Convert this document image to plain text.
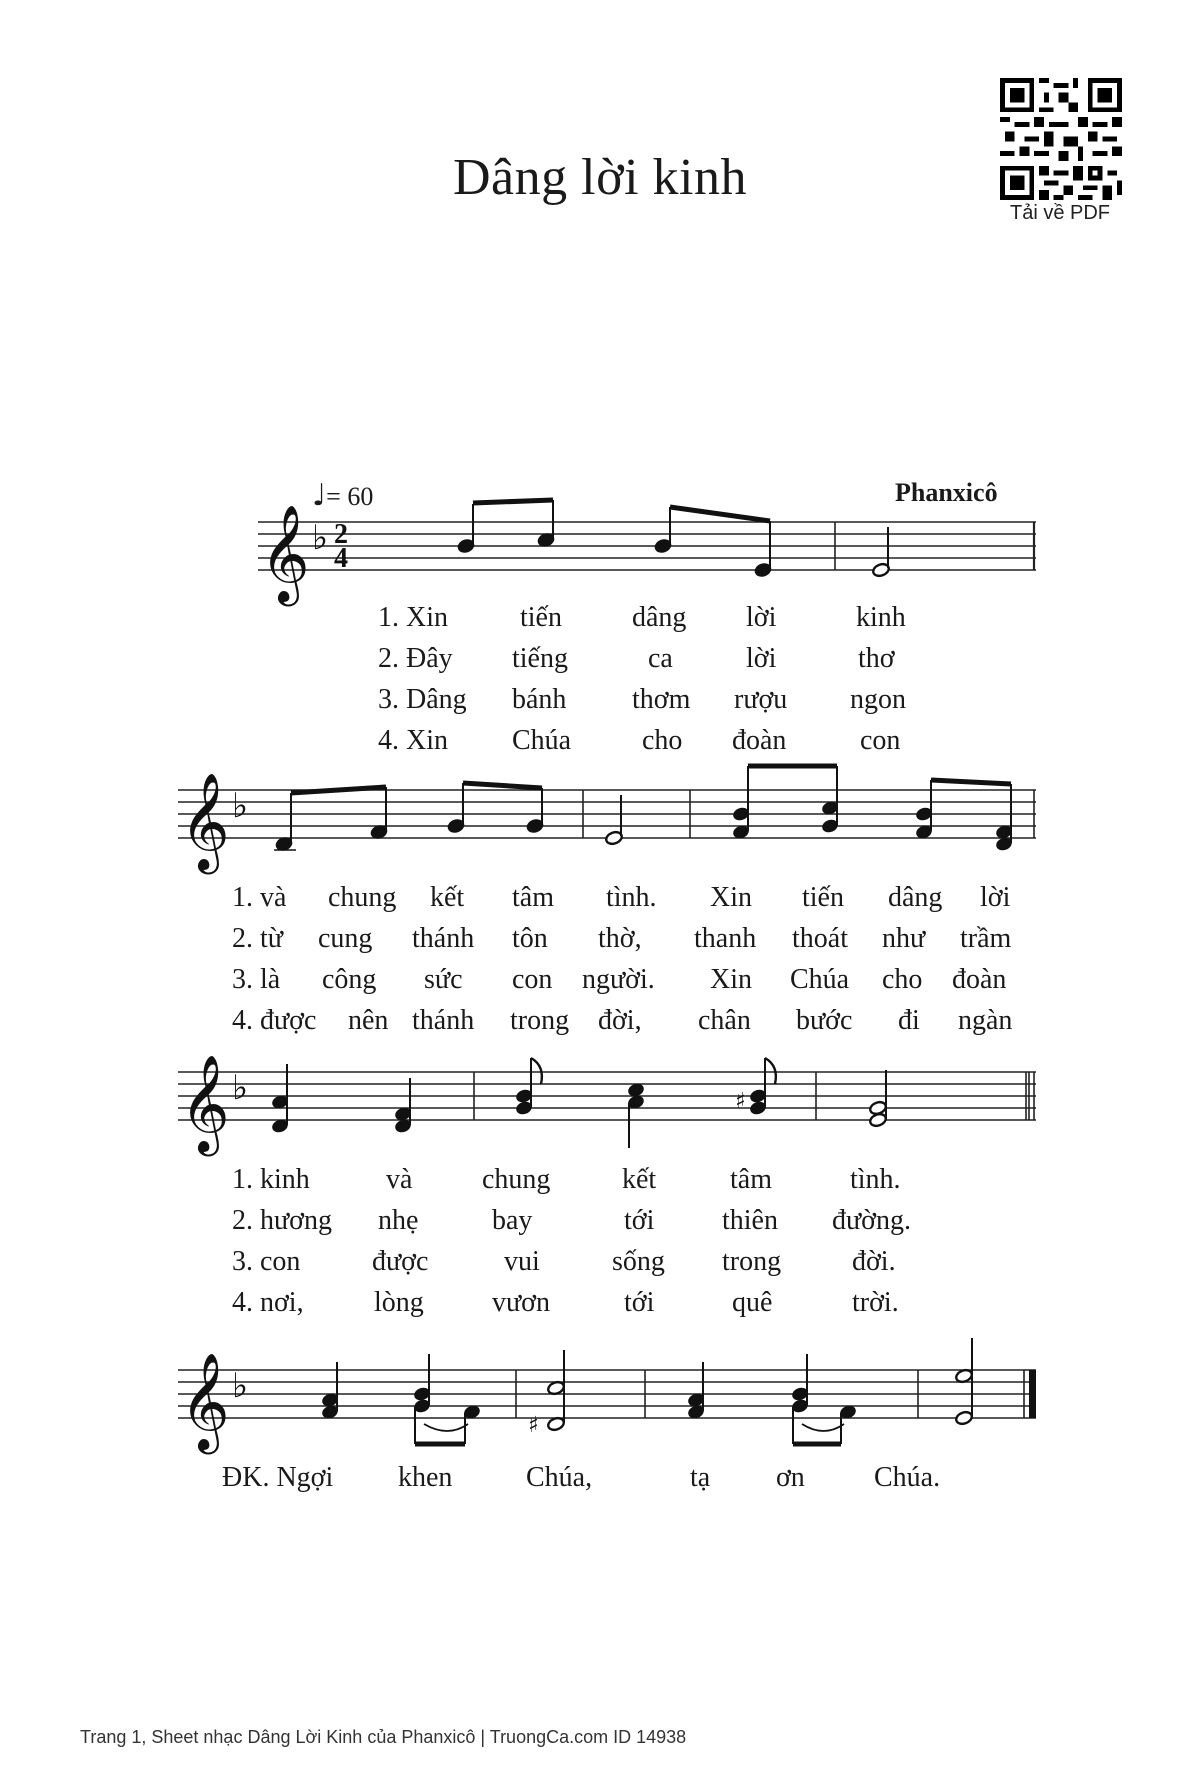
Dâng lời kinh
Tải về PDF
♩= 60	Phanxicô
𝄞 ♭ 2
4
𝄞 ♭
𝄞 ♭	♯
𝄞 ♭
♯
1. Xin	tiến	dâng lời	kinh
2. Đây tiếng	ca	lời	thơ
3. Dâng bánh thơm rượu ngon
4. Xin Chúa	cho đoàn	con
1. và chung kết tâm tình. Xin tiến dâng lời
2. từ cung thánh tôn thờ, thanh thoát như trầm
3. là công sức con người. Xin Chúa cho đoàn
4. được nên thánh trong đời, chân bước đi ngàn
1. kinh	và chung	kết	tâm	tình.
2. hương nhẹ	bay	tới thiên đường.
3. con	được	vui	sống trong	đời.
4. nơi,	lòng vươn	tới	quê	trời.
ĐK. Ngợi khen	Chúa,	tạ ơn Chúa.
Trang 1, Sheet nhạc Dâng Lời Kinh của Phanxicô | TruongCa.com ID 14938
